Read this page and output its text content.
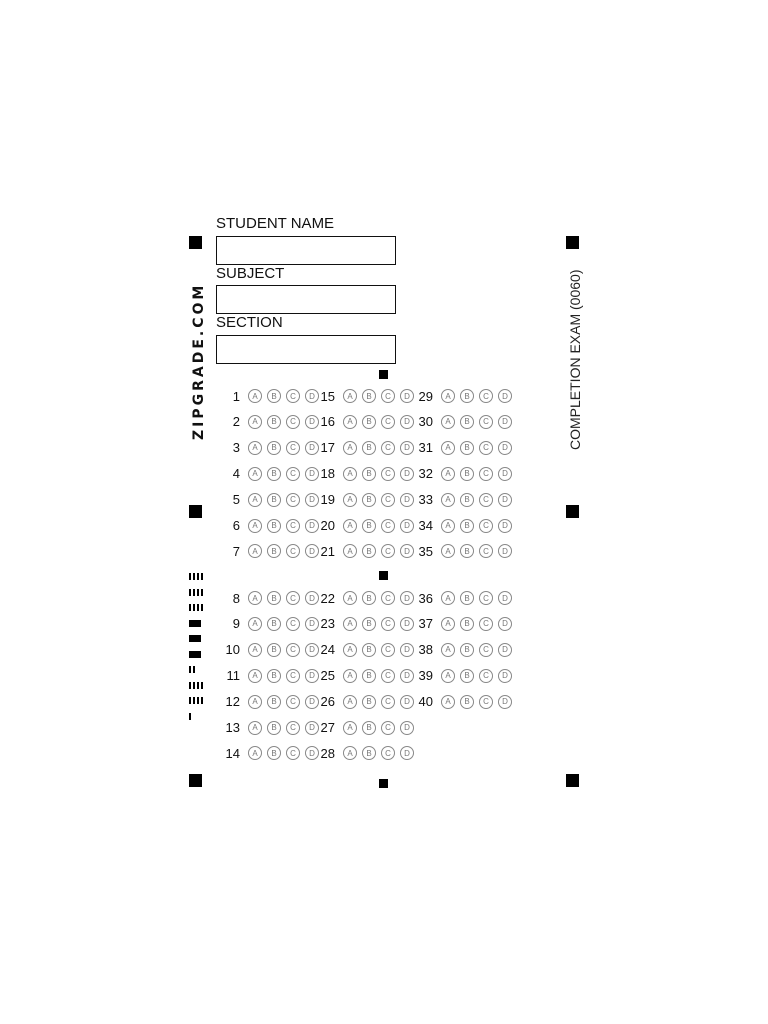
STUDENT NAME
SUBJECT
SECTION
ZIPGRADE.COM	COMPLETION EXAM (0060)
1	A	B	C	D
2	A	B	C	D
3	A	B	C	D
4	A	B	C	D
5	A	B	C	D
6	A	B	C	D
7	A	B	C	D
15	A	B	C	D
16	A	B	C	D
17	A	B	C	D
18	A	B	C	D
19	A	B	C	D
20	A	B	C	D
21	A	B	C	D
29	A	B	C	D
30	A	B	C	D
31	A	B	C	D
32	A	B	C	D
33	A	B	C	D
34	A	B	C	D
35	A	B	C	D
8	A	B	C	D
9	A	B	C	D
10	A	B	C	D
11	A	B	C	D
12	A	B	C	D
13	A	B	C	D
14	A	B	C	D
22	A	B	C	D
23	A	B	C	D
24	A	B	C	D
25	A	B	C	D
26	A	B	C	D
27	A	B	C	D
28	A	B	C	D
36	A	B	C	D
37	A	B	C	D
38	A	B	C	D
39	A	B	C	D
40	A	B	C	D
